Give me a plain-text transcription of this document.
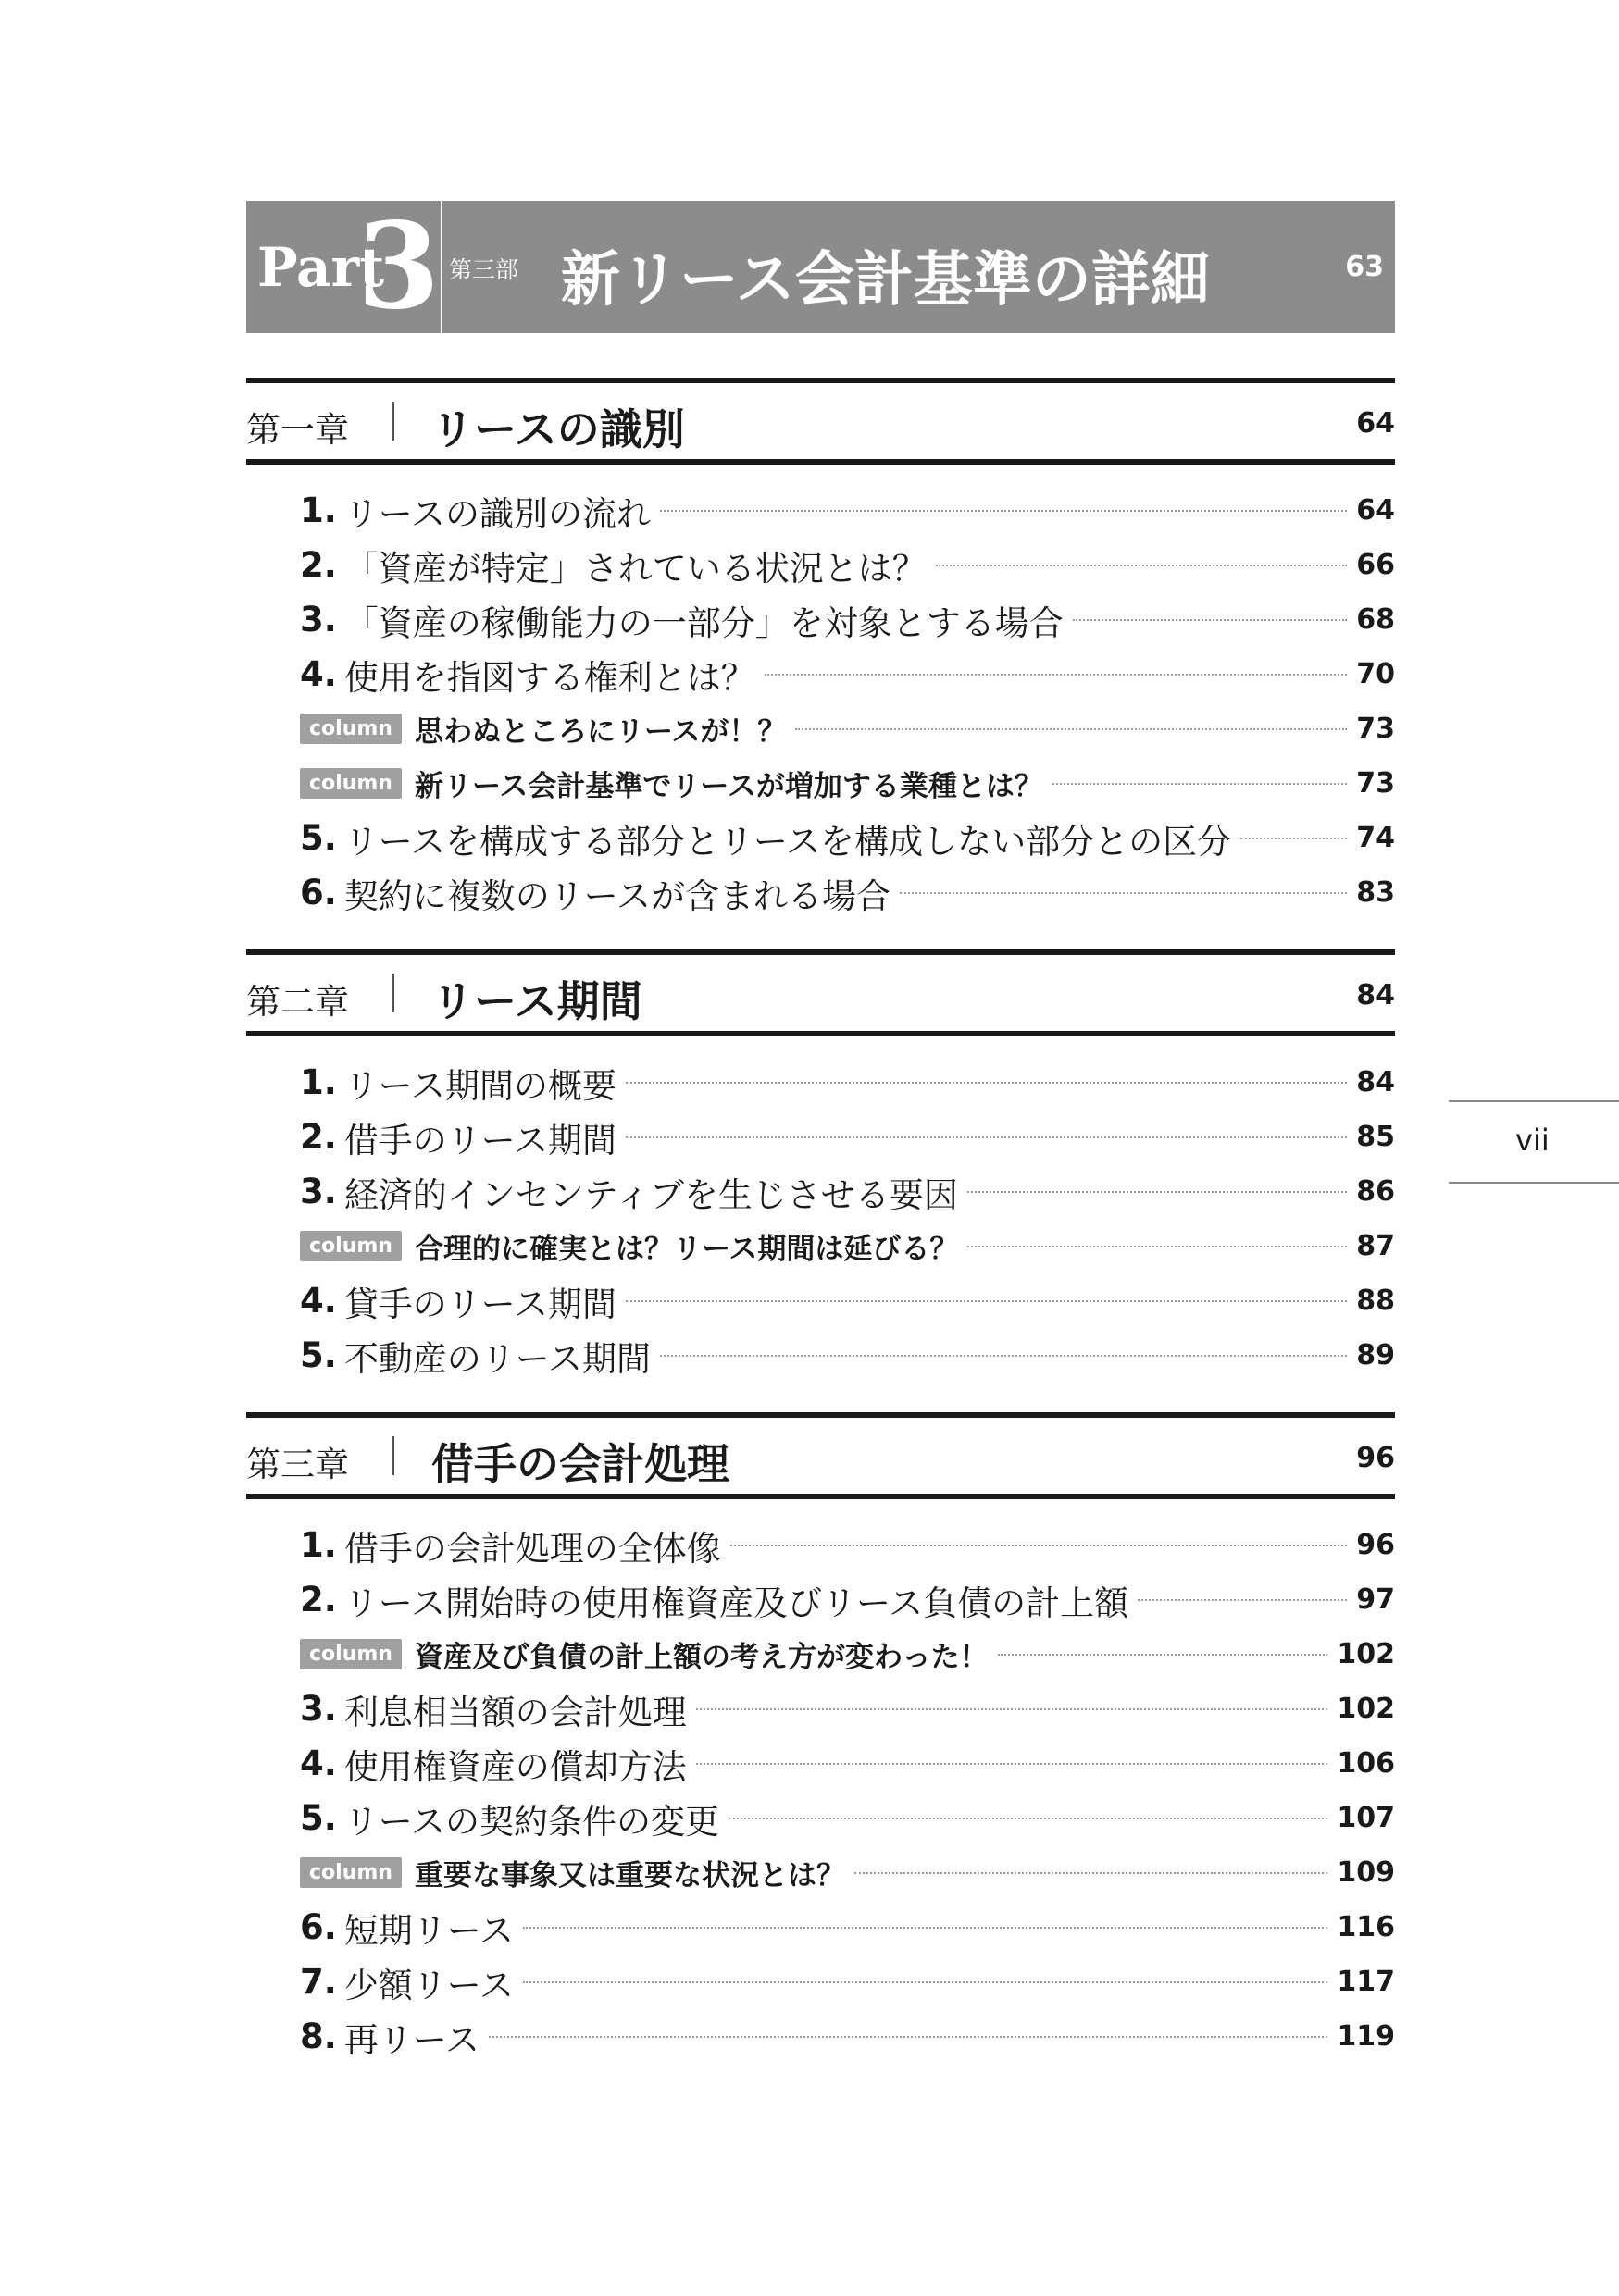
Part
3 第三部 新リース会計基準の詳細	63
第一章 リースの識別	64
1. リースの識別の流れ	64
2. 「資産が特定」されている状況とは？	66
3. 「資産の稼働能力の一部分」を対象とする場合	68
4. 使用を指図する権利とは？	70
column 思わぬところにリースが！？	73
column 新リース会計基準でリースが増加する業種とは？	73
5. リースを構成する部分とリースを構成しない部分との区分	74
6. 契約に複数のリースが含まれる場合	83
第二章 リース期間	84
1. リース期間の概要	84
2. 借手のリース期間	85
3. 経済的インセンティブを生じさせる要因	86
column 合理的に確実とは？リース期間は延びる？	87
4. 貸手のリース期間	88
5. 不動産のリース期間	89
第三章 借手の会計処理	96
1. 借手の会計処理の全体像	96
2. リース開始時の使用権資産及びリース負債の計上額	97
column 資産及び負債の計上額の考え方が変わった！	102
3. 利息相当額の会計処理	102
4. 使用権資産の償却方法	106
5. リースの契約条件の変更	107
column 重要な事象又は重要な状況とは？	109
6. 短期リース	116
7. 少額リース	117
8. 再リース	119
vii
